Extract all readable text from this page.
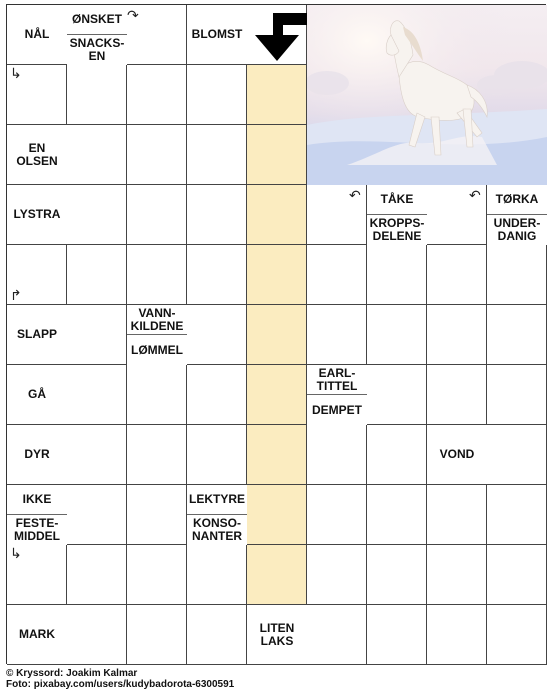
NÅL
ØNSKET
SNACKS-
EN
BLOMST
EN
OLSEN
LYSTRA
TÅKE
KROPPS-
DELENE
TØRKA
UNDER-
DANIG
SLAPP
VANN-
KILDENE
LØMMEL
GÅ
EARL-
TITTEL
DEMPET
DYR	VOND
IKKE	LEKTYRE
FESTE-
MIDDEL
KONSO-
NANTER
MARK	LITEN
LAKS
↳
↷
↳
↱
↶	↶
© Kryssord: Joakim Kalmar
Foto: pixabay.com/users/kudybadorota-6300591
